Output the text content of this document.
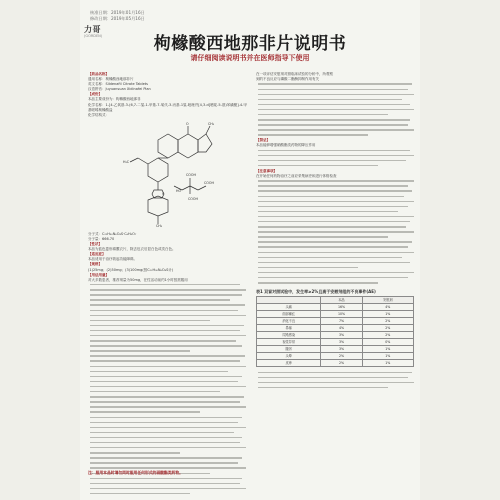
核准日期：2019年01月16日
修改日期：2019年05月16日
力哥
(GORDEN)	枸橼酸西地那非片说明书
请仔细阅读说明书并在医师指导下使用
【药品名称】
通用名称：枸橼酸西地那非片
英文名称：Sildenafil Citrate Tablets
汉语拼音：Juyuansuan Xidinafei Pian
【成份】
本品主要成份为：枸橼酸西地那非
化学名称：1-[4-乙氧基-3-(6,7-二氢-1-甲基-7-氧代-3-丙基-1氢-吡唑并[4,3-d]嘧啶-5-基)苯磺酰]-4-甲基哌嗪枸橼酸盐
化学结构式：
O	CH₃
H₃C
S
CH₃
HO
COOH
COOH
COOH
分子式：C₂₂H₃₀N₆O₄S·C₆H₈O₇
分子量：666.70
【性状】
本品为蓝色菱形薄膜衣片，除去包衣后显白色或类白色。
【适应症】
本品适用于治疗勃起功能障碍。
【规格】
(1)25mg；(2)50mg；(3)100mg(按C₂₂H₃₀N₆O₄S计)
【用法用量】
对大多数患者，推荐剂量为50mg，在性活动前约1小时按需服用
在一项评估安慰剂对照临床试验的分析中，所观察
到的不良反应与磷酸二酯酶抑制作用有关
【禁忌】
本品能够增强硝酸酯类药物的降压作用
【注意事项】
在开始任何药物治疗之前应采集病史和进行体格检查
表1 双盲对照试验中，发生率≥2%且高于安慰剂组的不良事件(AE)
	本品	安慰剂
头痛	16%	4%
面部潮红	10%	1%
消化不良	7%	2%
鼻塞	4%	2%
尿路感染	3%	2%
视觉异常	3%	0%
腹泻	3%	1%
头晕	2%	1%
皮疹	2%	1%
注：服用本品时请勿同时服用任何形式的硝酸酯类药物。
